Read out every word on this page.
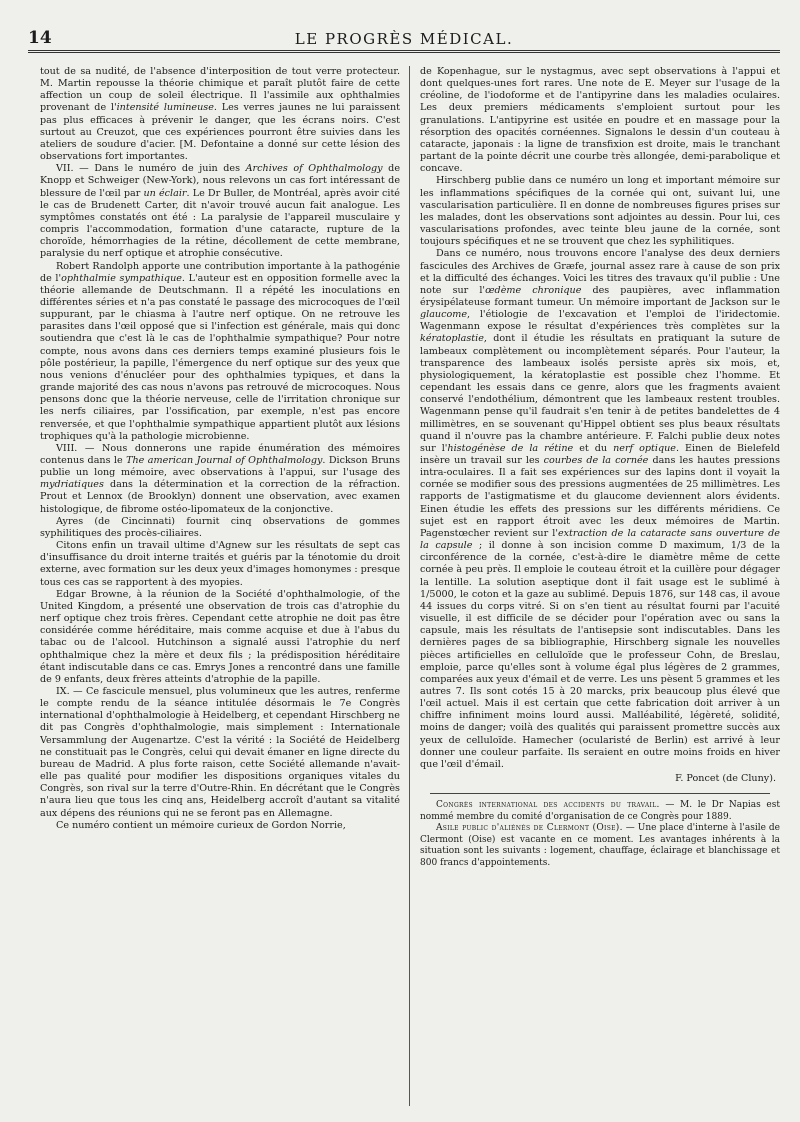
14	LE PROGRÈS MÉDICAL.

tout de sa nudité, de l'absence d'interposition de tout verre protecteur. M. Martin repousse la théorie chimique et paraît plutôt faire de cette affection un coup de soleil électrique. Il l'assimile aux ophthalmies provenant de l'intensité lumineuse. Les verres jaunes ne lui paraissent pas plus efficaces à prévenir le danger, que les écrans noirs. C'est surtout au Creuzot, que ces expériences pourront être suivies dans les ateliers de soudure d'acier. [M. Defontaine a donné sur cette lésion des observations fort importantes.

VII. — Dans le numéro de juin des Archives of Ophthalmology de Knopp et Schweiger (New-York), nous relevons un cas fort intéressant de blessure de l'œil par un éclair. Le Dr Buller, de Montréal, après avoir cité le cas de Brudenett Carter, dit n'avoir trouvé aucun fait analogue. Les symptômes constatés ont été : La paralysie de l'appareil musculaire y compris l'accommodation, formation d'une cataracte, rupture de la choroïde, hémorrhagies de la rétine, décollement de cette membrane, paralysie du nerf optique et atrophie consécutive.

Robert Randolph apporte une contribution importante à la pathogénie de l'ophthalmie sympathique. L'auteur est en opposition formelle avec la théorie allemande de Deutschmann. Il a répété les inoculations en différentes séries et n'a pas constaté le passage des microcoques de l'œil suppurant, par le chiasma à l'autre nerf optique. On ne retrouve les parasites dans l'œil opposé que si l'infection est générale, mais qui donc soutiendra que c'est là le cas de l'ophthalmie sympathique? Pour notre compte, nous avons dans ces derniers temps examiné plusieurs fois le pôle postérieur, la papille, l'émergence du nerf optique sur des yeux que nous venions d'énucléer pour des ophthalmies typiques, et dans la grande majorité des cas nous n'avons pas retrouvé de microcoques. Nous pensons donc que la théorie nerveuse, celle de l'irritation chronique sur les nerfs ciliaires, par l'ossification, par exemple, n'est pas encore renversée, et que l'ophthalmie sympathique appartient plutôt aux lésions trophiques qu'à la pathologie microbienne.

VIII. — Nous donnerons une rapide énumération des mémoires contenus dans le The american Journal of Ophthalmology. Dickson Bruns publie un long mémoire, avec observations à l'appui, sur l'usage des mydriatiques dans la détermination et la correction de la réfraction. Prout et Lennox (de Brooklyn) donnent une observation, avec examen histologique, de fibrome ostéo-lipomateux de la conjonctive.

Ayres (de Cincinnati) fournit cinq observations de gommes syphilitiques des procès-ciliaires.

Citons enfin un travail ultime d'Agnew sur les résultats de sept cas d'insuffisance du droit interne traités et guéris par la ténotomie du droit externe, avec formation sur les deux yeux d'images homonymes : presque tous ces cas se rapportent à des myopies.

Edgar Browne, à la réunion de la Société d'ophthalmologie, of the United Kingdom, a présenté une observation de trois cas d'atrophie du nerf optique chez trois frères. Cependant cette atrophie ne doit pas être considérée comme héréditaire, mais comme acquise et due à l'abus du tabac ou de l'alcool. Hutchinson a signalé aussi l'atrophie du nerf ophthalmique chez la mère et deux fils ; la prédisposition héréditaire étant indiscutable dans ce cas. Emrys Jones a rencontré dans une famille de 9 enfants, deux frères atteints d'atrophie de la papille.

IX. — Ce fascicule mensuel, plus volumineux que les autres, renferme le compte rendu de la séance intitulée désormais le 7e Congrès international d'ophthalmologie à Heidelberg, et cependant Hirschberg ne dit pas Congrès d'ophthalmologie, mais simplement : Internationale Versammlung der Augenartze. C'est la vérité : la Société de Heidelberg ne constituait pas le Congrès, celui qui devait émaner en ligne directe du bureau de Madrid. A plus forte raison, cette Société allemande n'avait-elle pas qualité pour modifier les dispositions organiques vitales du Congrès, son rival sur la terre d'Outre-Rhin. En décrétant que le Congrès n'aura lieu que tous les cinq ans, Heidelberg accroît d'autant sa vitalité aux dépens des réunions qui ne se feront pas en Allemagne.

Ce numéro contient un mémoire curieux de Gordon Norrie,

de Kopenhague, sur le nystagmus, avec sept observations à l'appui et dont quelques-unes fort rares. Une note de E. Meyer sur l'usage de la créoline, de l'iodoforme et de l'antipyrine dans les maladies oculaires. Les deux premiers médicaments s'emploient surtout pour les granulations. L'antipyrine est usitée en poudre et en massage pour la résorption des opacités cornéennes. Signalons le dessin d'un couteau à cataracte, japonais : la ligne de transfixion est droite, mais le tranchant partant de la pointe décrit une courbe très allongée, demi-parabolique et concave.

Hirschberg publie dans ce numéro un long et important mémoire sur les inflammations spécifiques de la cornée qui ont, suivant lui, une vascularisation particulière. Il en donne de nombreuses figures prises sur les malades, dont les observations sont adjointes au dessin. Pour lui, ces vascularisations profondes, avec teinte bleu jaune de la cornée, sont toujours spécifiques et ne se trouvent que chez les syphilitiques.

Dans ce numéro, nous trouvons encore l'analyse des deux derniers fascicules des Archives de Græfe, journal assez rare à cause de son prix et la difficulté des échanges. Voici les titres des travaux qu'il publie : Une note sur l'œdème chronique des paupières, avec inflammation érysipélateuse formant tumeur. Un mémoire important de Jackson sur le glaucome, l'étiologie de l'excavation et l'emploi de l'iridectomie. Wagenmann expose le résultat d'expériences très complètes sur la kératoplastie, dont il étudie les résultats en pratiquant la suture de lambeaux complètement ou incomplètement séparés. Pour l'auteur, la transparence des lambeaux isolés persiste après six mois, et, physiologiquement, la kératoplastie est possible chez l'homme. Et cependant les essais dans ce genre, alors que les fragments avaient conservé l'endothélium, démontrent que les lambeaux restent troubles. Wagenmann pense qu'il faudrait s'en tenir à de petites bandelettes de 4 millimètres, en se souvenant qu'Hippel obtient ses plus beaux résultats quand il n'ouvre pas la chambre antérieure. F. Falchi publie deux notes sur l'histogénèse de la rétine et du nerf optique. Einen de Bielefeld insère un travail sur les courbes de la cornée dans les hautes pressions intra-oculaires. Il a fait ses expériences sur des lapins dont il voyait la cornée se modifier sous des pressions augmentées de 25 millimètres. Les rapports de l'astigmatisme et du glaucome deviennent alors évidents. Einen étudie les effets des pressions sur les différents méridiens. Ce sujet est en rapport étroit avec les deux mémoires de Martin. Pagenstœcher revient sur l'extraction de la cataracte sans ouverture de la capsule ; il donne à son incision comme D maximum, 1/3 de la circonférence de la cornée, c'est-à-dire le diamètre même de cette cornée à peu près. Il emploie le couteau étroit et la cuillère pour dégager la lentille. La solution aseptique dont il fait usage est le sublimé à 1/5000, le coton et la gaze au sublimé. Depuis 1876, sur 148 cas, il avoue 44 issues du corps vitré. Si on s'en tient au résultat fourni par l'acuité visuelle, il est difficile de se décider pour l'opération avec ou sans la capsule, mais les résultats de l'antisepsie sont indiscutables. Dans les dernières pages de sa bibliographie, Hirschberg signale les nouvelles pièces artificielles en celluloïde que le professeur Cohn, de Breslau, emploie, parce qu'elles sont à volume égal plus légères de 2 grammes, comparées aux yeux d'émail et de verre. Les uns pèsent 5 grammes et les autres 7. Ils sont cotés 15 à 20 marcks, prix beaucoup plus élevé que l'œil actuel. Mais il est certain que cette fabrication doit arriver à un chiffre infiniment moins lourd aussi. Malléabilité, légèreté, solidité, moins de danger; voilà des qualités qui paraissent promettre succès aux yeux de celluloïde. Hamecher (ocularisté de Berlin) est arrivé à leur donner une couleur parfaite. Ils seraient en outre moins froids en hiver que l'œil d'émail.

F. Poncet (de Cluny).

Congrès international des accidents du travail. — M. le Dr Napias est nommé membre du comité d'organisation de ce Congrès pour 1889.

Asile public d'aliénés de Clermont (Oise). — Une place d'interne à l'asile de Clermont (Oise) est vacante en ce moment. Les avantages inhérents à la situation sont les suivants : logement, chauffage, éclairage et blanchissage et 800 francs d'appointements.
